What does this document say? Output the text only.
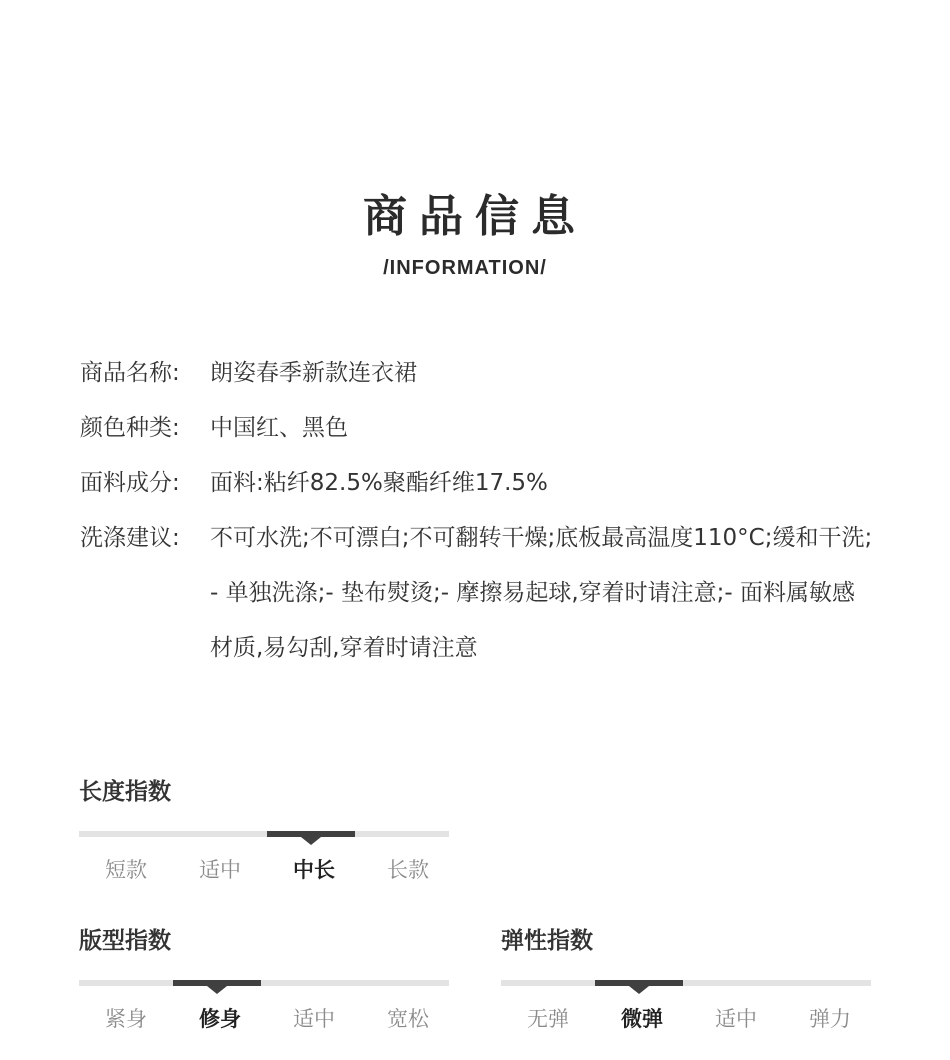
商品信息
/INFORMATION/
商品名称:	朗姿春季新款连衣裙
颜色种类:	中国红、黑色
面料成分:	面料:粘纤82.5%聚酯纤维17.5%
洗涤建议:	不可水洗;不可漂白;不可翻转干燥;底板最高温度110°C;缓和干洗;- 单独洗涤;- 垫布熨烫;- 摩擦易起球,穿着时请注意;- 面料属敏感材质,易勾刮,穿着时请注意
长度指数
短款	适中	中长	长款
版型指数
紧身	修身	适中	宽松
弹性指数
无弹	微弹	适中	弹力
